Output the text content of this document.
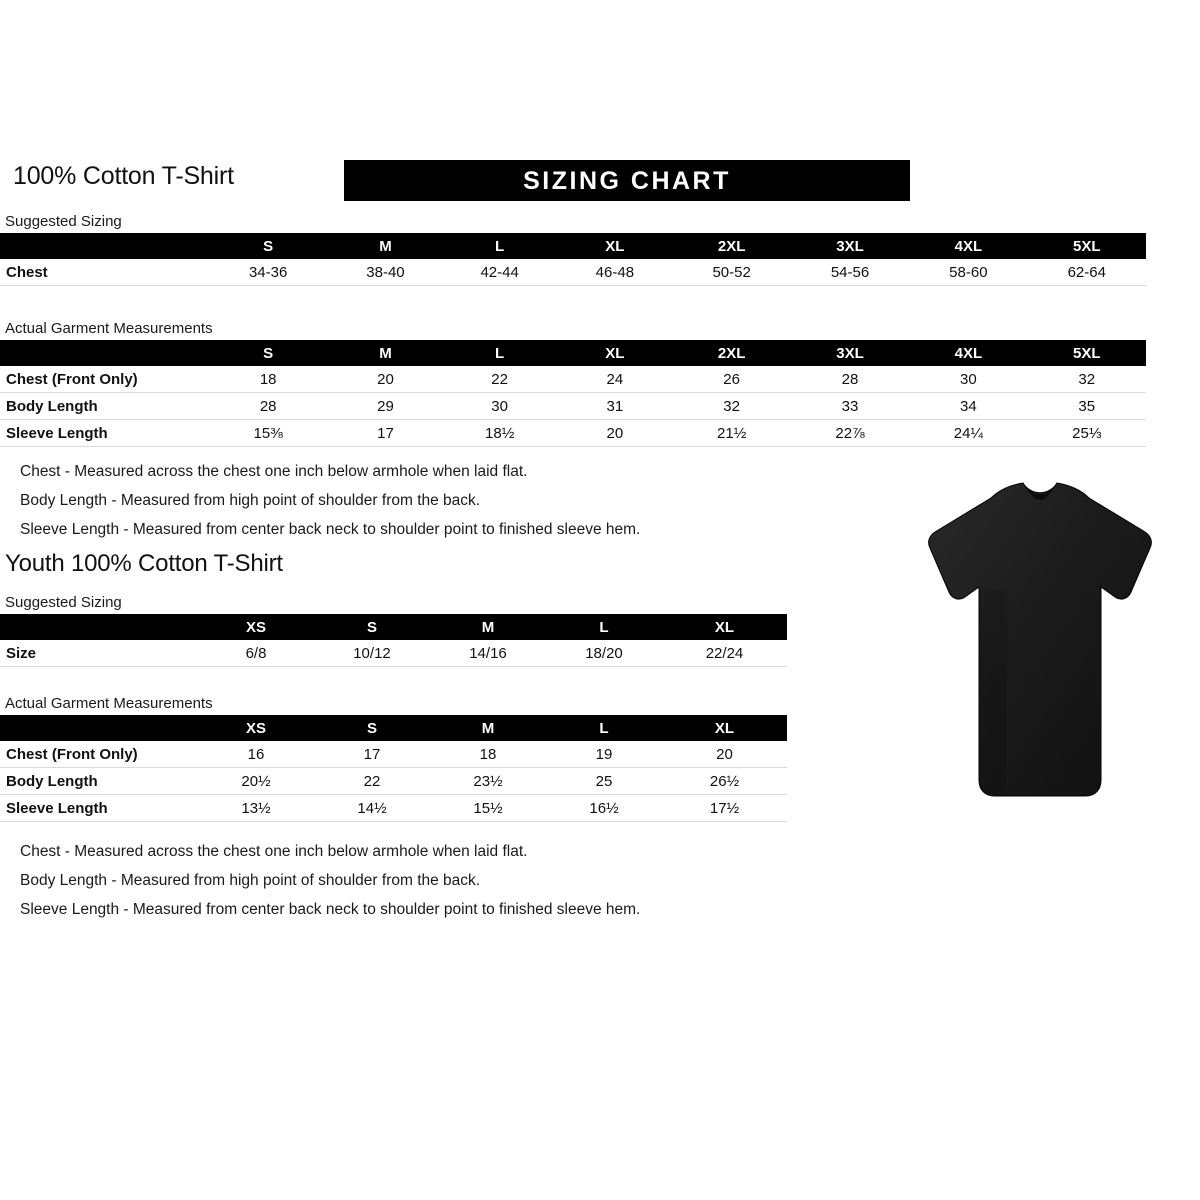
100% Cotton T-Shirt	SIZING CHART
Suggested Sizing
	S	M	L	XL	2XL	3XL	4XL	5XL
Chest	34-36	38-40	42-44	46-48	50-52	54-56	58-60	62-64
Actual Garment Measurements
	S	M	L	XL	2XL	3XL	4XL	5XL
Chest (Front Only)	18	20	22	24	26	28	30	32
Body Length	28	29	30	31	32	33	34	35
Sleeve Length	15⅜	17	18½	20	21½	22⅞	24¼	25⅓
Chest - Measured across the chest one inch below armhole when laid flat.
Body Length - Measured from high point of shoulder from the back.
Sleeve Length - Measured from center back neck to shoulder point to finished sleeve hem.
Youth 100% Cotton T-Shirt
Suggested Sizing
	XS	S	M	L	XL
Size	6/8	10/12	14/16	18/20	22/24
Actual Garment Measurements
	XS	S	M	L	XL
Chest (Front Only)	16	17	18	19	20
Body Length	20½	22	23½	25	26½
Sleeve Length	13½	14½	15½	16½	17½
Chest - Measured across the chest one inch below armhole when laid flat.
Body Length - Measured from high point of shoulder from the back.
Sleeve Length - Measured from center back neck to shoulder point to finished sleeve hem.
